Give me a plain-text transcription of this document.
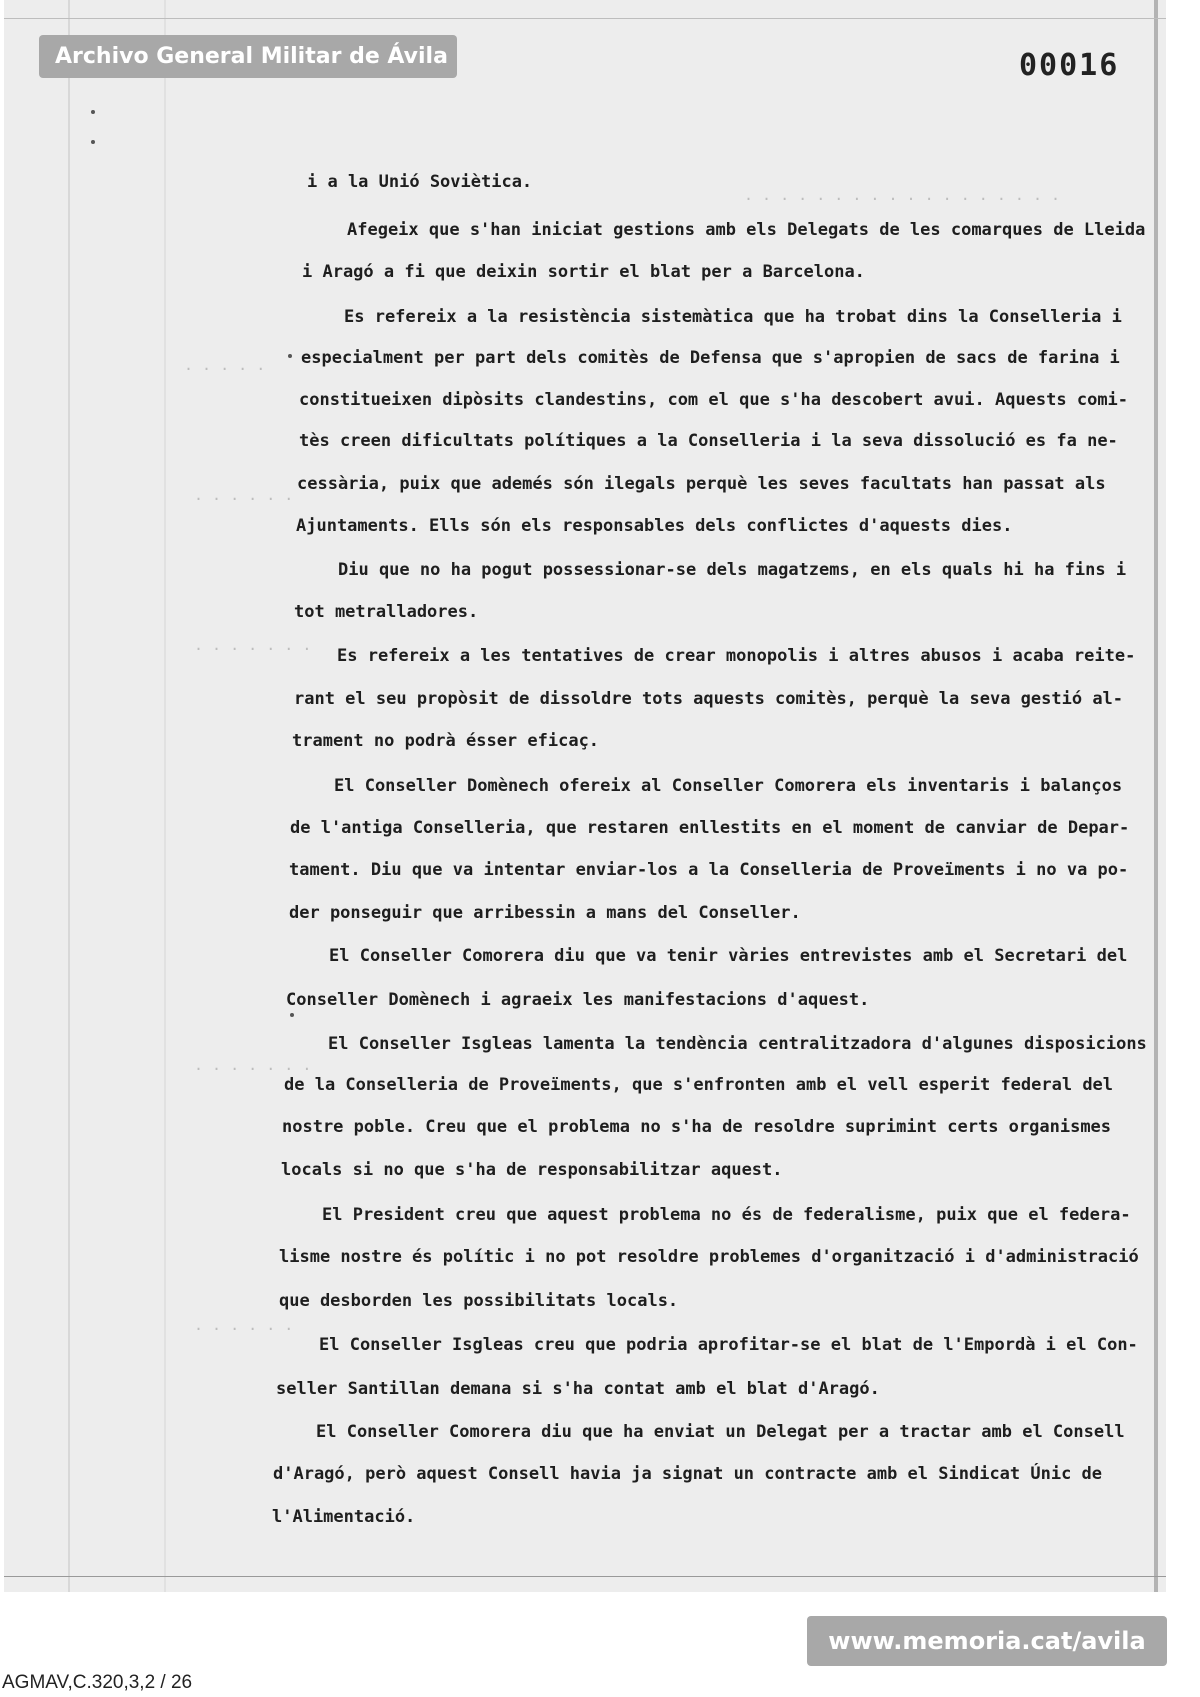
· · · · · · · · · · · · · · · · · ·
· · · · ·
· · · · · ·
· · · · · · ·
· · · · · · ·
· · · · · ·
i a la Unió Soviètica.
Afegeix que s'han iniciat gestions amb els Delegats de les comarques de Lleida
i Aragó a fi que deixin sortir el blat per a Barcelona.
Es refereix a la resistència sistemàtica que ha trobat dins la Conselleria i
especialment per part dels comitès de Defensa que s'apropien de sacs de farina i
constitueixen dipòsits clandestins, com el que s'ha descobert avui. Aquests comi-
tès creen dificultats polítiques a la Conselleria i la seva dissolució es fa ne-
cessària, puix que ademés són ilegals perquè les seves facultats han passat als
Ajuntaments. Ells són els responsables dels conflictes d'aquests dies.
Diu que no ha pogut possessionar-se dels magatzems, en els quals hi ha fins i
tot metralladores.
Es refereix a les tentatives de crear monopolis i altres abusos i acaba reite-
rant el seu propòsit de dissoldre tots aquests comitès, perquè la seva gestió al-
trament no podrà ésser eficaç.
El Conseller Domènech ofereix al Conseller Comorera els inventaris i balanços
de l'antiga Conselleria, que restaren enllestits en el moment de canviar de Depar-
tament. Diu que va intentar enviar-los a la Conselleria de Proveïments i no va po-
der ponseguir que arribessin a mans del Conseller.
El Conseller Comorera diu que va tenir vàries entrevistes amb el Secretari del
Conseller Domènech i agraeix les manifestacions d'aquest.
El Conseller Isgleas lamenta la tendència centralitzadora d'algunes disposicions
de la Conselleria de Proveïments, que s'enfronten amb el vell esperit federal del
nostre poble. Creu que el problema no s'ha de resoldre suprimint certs organismes
locals si no que s'ha de responsabilitzar aquest.
El President creu que aquest problema no és de federalisme, puix que el federa-
lisme nostre és polític i no pot resoldre problemes d'organització i d'administració
que desborden les possibilitats locals.
El Conseller Isgleas creu que podria aprofitar-se el blat de l'Empordà i el Con-
seller Santillan demana si s'ha contat amb el blat d'Aragó.
El Conseller Comorera diu que ha enviat un Delegat per a tractar amb el Consell
d'Aragó, però aquest Consell havia ja signat un contracte amb el Sindicat Únic de
l'Alimentació.
Archivo General Militar de Ávila	00016
www.memoria.cat/avila
AGMAV,C.320,3,2 / 26
